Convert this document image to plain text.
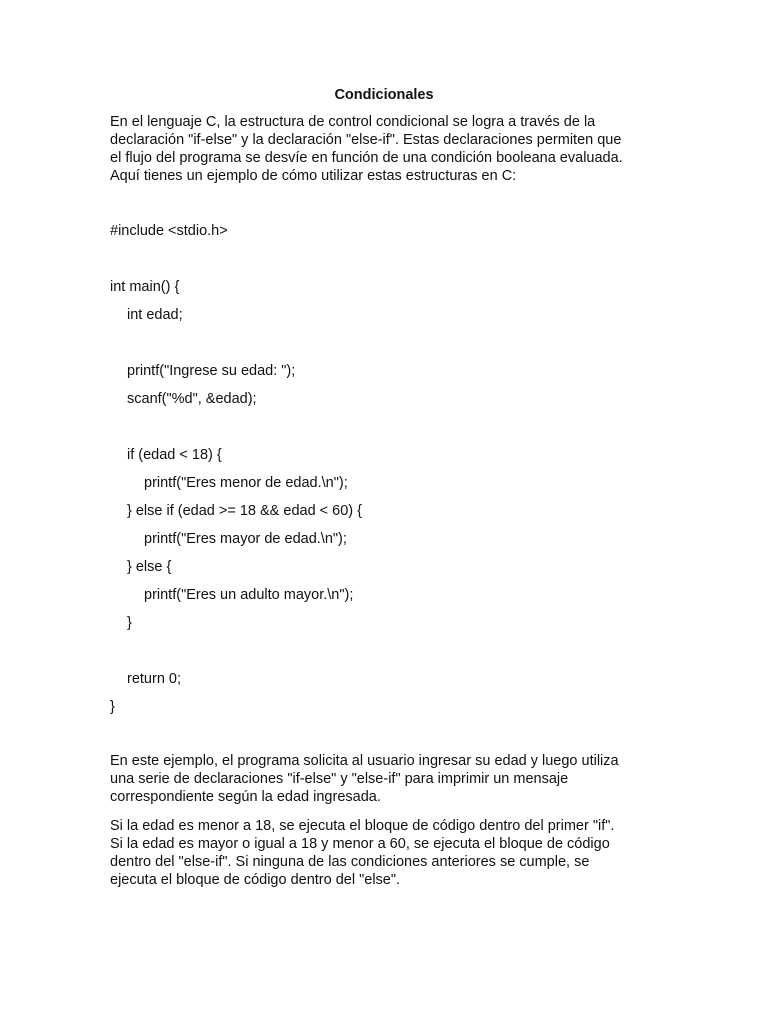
Condicionales

En el lenguaje C, la estructura de control condicional se logra a través de la
declaración "if-else" y la declaración "else-if". Estas declaraciones permiten que
el flujo del programa se desvíe en función de una condición booleana evaluada.
Aquí tienes un ejemplo de cómo utilizar estas estructuras en C:

#include <stdio.h>
int main() {
int edad;
printf("Ingrese su edad: ");
scanf("%d", &edad);
if (edad < 18) {
printf("Eres menor de edad.\n");
} else if (edad >= 18 && edad < 60) {
printf("Eres mayor de edad.\n");
} else {
printf("Eres un adulto mayor.\n");
}
return 0;
}

En este ejemplo, el programa solicita al usuario ingresar su edad y luego utiliza
una serie de declaraciones "if-else" y "else-if" para imprimir un mensaje
correspondiente según la edad ingresada.

Si la edad es menor a 18, se ejecuta el bloque de código dentro del primer "if".
Si la edad es mayor o igual a 18 y menor a 60, se ejecuta el bloque de código
dentro del "else-if". Si ninguna de las condiciones anteriores se cumple, se
ejecuta el bloque de código dentro del "else".
